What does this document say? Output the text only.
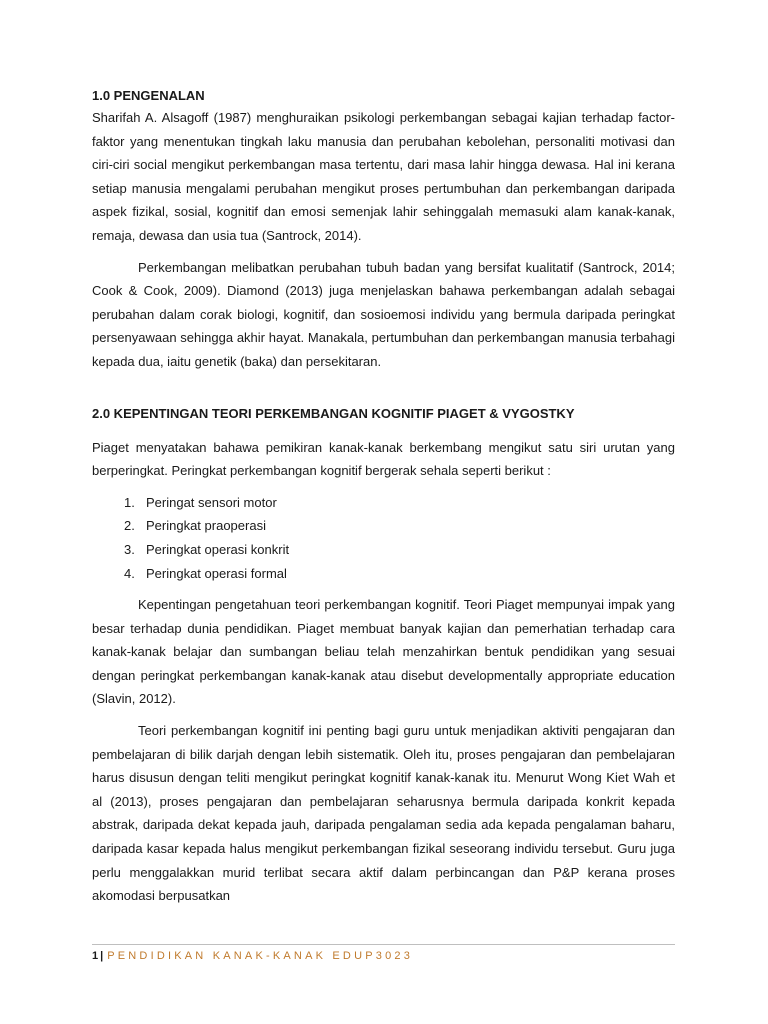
1.0 PENGENALAN

Sharifah A. Alsagoff (1987) menghuraikan psikologi perkembangan sebagai kajian terhadap factor-faktor yang menentukan tingkah laku manusia dan perubahan kebolehan, personaliti motivasi dan ciri-ciri social mengikut perkembangan masa tertentu, dari masa lahir hingga dewasa. Hal ini kerana setiap manusia mengalami perubahan mengikut proses pertumbuhan dan perkembangan daripada aspek fizikal, sosial, kognitif dan emosi semenjak lahir sehinggalah memasuki alam kanak-kanak, remaja, dewasa dan usia tua (Santrock, 2014).

Perkembangan melibatkan perubahan tubuh badan yang bersifat kualitatif (Santrock, 2014; Cook & Cook, 2009). Diamond (2013) juga menjelaskan bahawa perkembangan adalah sebagai perubahan dalam corak biologi, kognitif, dan sosioemosi individu yang bermula daripada peringkat persenyawaan sehingga akhir hayat. Manakala, pertumbuhan dan perkembangan manusia terbahagi kepada dua, iaitu genetik (baka) dan persekitaran.

2.0 KEPENTINGAN TEORI PERKEMBANGAN KOGNITIF PIAGET & VYGOSTKY

Piaget menyatakan bahawa pemikiran kanak-kanak berkembang mengikut satu siri urutan yang berperingkat. Peringkat perkembangan kognitif bergerak sehala seperti berikut :

1. Peringat sensori motor
2. Peringkat praoperasi
3. Peringkat operasi konkrit
4. Peringkat operasi formal

Kepentingan pengetahuan teori perkembangan kognitif. Teori Piaget mempunyai impak yang besar terhadap dunia pendidikan. Piaget membuat banyak kajian dan pemerhatian terhadap cara kanak-kanak belajar dan sumbangan beliau telah menzahirkan bentuk pendidikan yang sesuai dengan peringkat perkembangan kanak-kanak atau disebut developmentally appropriate education (Slavin, 2012).

Teori perkembangan kognitif ini penting bagi guru untuk menjadikan aktiviti pengajaran dan pembelajaran di bilik darjah dengan lebih sistematik. Oleh itu, proses pengajaran dan pembelajaran harus disusun dengan teliti mengikut peringkat kognitif kanak-kanak itu. Menurut Wong Kiet Wah et al (2013), proses pengajaran dan pembelajaran seharusnya bermula daripada konkrit kepada abstrak, daripada dekat kepada jauh, daripada pengalaman sedia ada kepada pengalaman baharu, daripada kasar kepada halus mengikut perkembangan fizikal seseorang individu tersebut. Guru juga perlu menggalakkan murid terlibat secara aktif dalam perbincangan dan P&P kerana proses akomodasi berpusatkan

1 | PENDIDIKAN KANAK-KANAK EDUP3023
